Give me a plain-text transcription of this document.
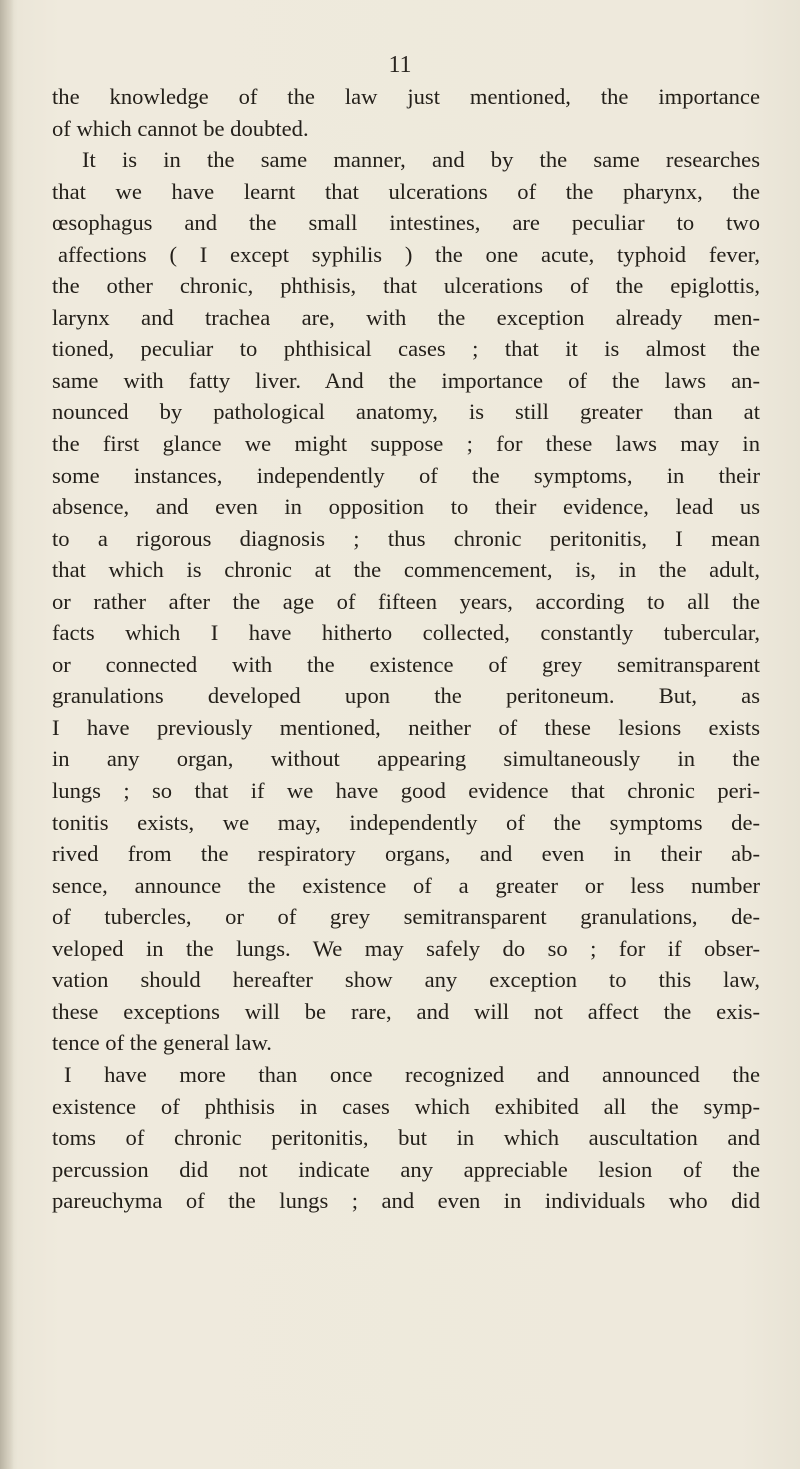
11
the knowledge of the law just mentioned, the importance
of which cannot be doubted.
It is in the same manner, and by the same researches
that we have learnt that ulcerations of the pharynx, the
œsophagus and the small intestines, are peculiar to two
affections ( I except syphilis ) the one acute, typhoid fever,
the other chronic, phthisis, that ulcerations of the epiglottis,
larynx and trachea are, with the exception already men-
tioned, peculiar to phthisical cases ; that it is almost the
same with fatty liver. And the importance of the laws an-
nounced by pathological anatomy, is still greater than at
the first glance we might suppose ; for these laws may in
some instances, independently of the symptoms, in their
absence, and even in opposition to their evidence, lead us
to a rigorous diagnosis ; thus chronic peritonitis, I mean
that which is chronic at the commencement, is, in the adult,
or rather after the age of fifteen years, according to all the
facts which I have hitherto collected, constantly tubercular,
or connected with the existence of grey semitransparent
granulations developed upon the peritoneum. But, as
I have previously mentioned, neither of these lesions exists
in any organ, without appearing simultaneously in the
lungs ; so that if we have good evidence that chronic peri-
tonitis exists, we may, independently of the symptoms de-
rived from the respiratory organs, and even in their ab-
sence, announce the existence of a greater or less number
of tubercles, or of grey semitransparent granulations, de-
veloped in the lungs. We may safely do so ; for if obser-
vation should hereafter show any exception to this law,
these exceptions will be rare, and will not affect the exis-
tence of the general law.
I have more than once recognized and announced the
existence of phthisis in cases which exhibited all the symp-
toms of chronic peritonitis, but in which auscultation and
percussion did not indicate any appreciable lesion of the
pareuchyma of the lungs ; and even in individuals who did
